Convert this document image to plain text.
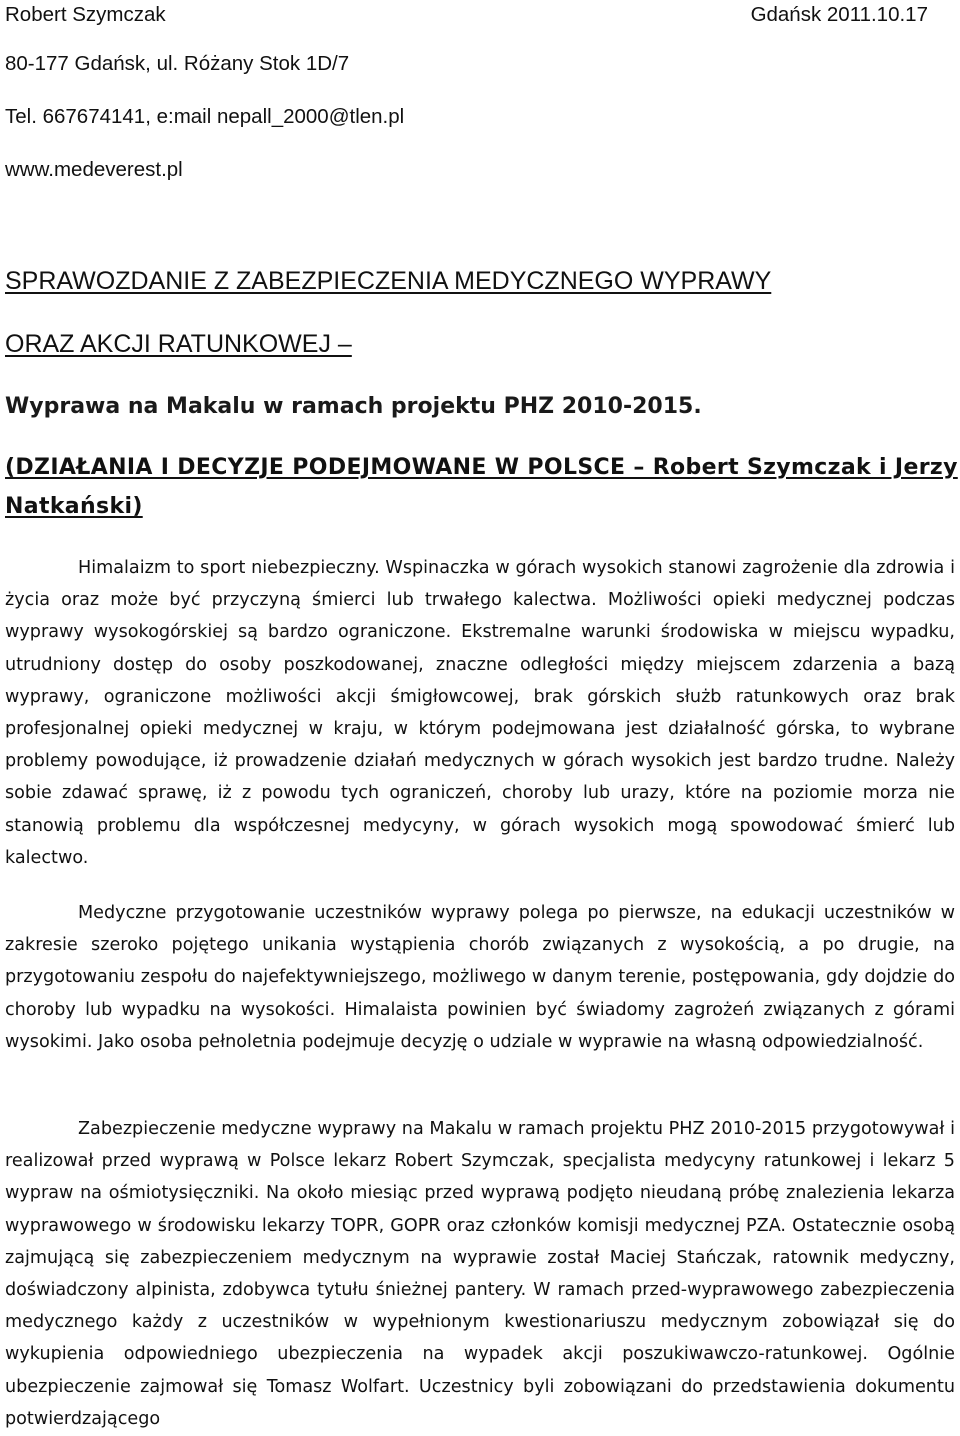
Robert Szymczak	Gdańsk 2011.10.17
80-177 Gdańsk, ul. Różany Stok 1D/7
Tel. 667674141, e:mail nepall_2000@tlen.pl
www.medeverest.pl
SPRAWOZDANIE Z ZABEZPIECZENIA MEDYCZNEGO WYPRAWY
ORAZ AKCJI RATUNKOWEJ –
Wyprawa na Makalu w ramach projektu PHZ 2010-2015.
(DZIAŁANIA I DECYZJE PODEJMOWANE W POLSCE – Robert Szymczak i Jerzy
Natkański)

Himalaizm to sport niebezpieczny. Wspinaczka w górach wysokich stanowi zagrożenie dla zdrowia i życia oraz może być przyczyną śmierci lub trwałego kalectwa. Możliwości opieki medycznej podczas wyprawy wysokogórskiej są bardzo ograniczone. Ekstremalne warunki środowiska w miejscu wypadku, utrudniony dostęp do osoby poszkodowanej, znaczne odległości między miejscem zdarzenia a bazą wyprawy, ograniczone możliwości akcji śmigłowcowej, brak górskich służb ratunkowych oraz brak profesjonalnej opieki medycznej w kraju, w którym podejmowana jest działalność górska, to wybrane problemy powodujące, iż prowadzenie działań medycznych w górach wysokich jest bardzo trudne. Należy sobie zdawać sprawę, iż z powodu tych ograniczeń, choroby lub urazy, które na poziomie morza nie stanowią problemu dla współczesnej medycyny, w górach wysokich mogą spowodować śmierć lub kalectwo.

Medyczne przygotowanie uczestników wyprawy polega po pierwsze, na edukacji uczestników w zakresie szeroko pojętego unikania wystąpienia chorób związanych z wysokością, a po drugie, na przygotowaniu zespołu do najefektywniejszego, możliwego w danym terenie, postępowania, gdy dojdzie do choroby lub wypadku na wysokości. Himalaista powinien być świadomy zagrożeń związanych z górami wysokimi. Jako osoba pełnoletnia podejmuje decyzję o udziale w wyprawie na własną odpowiedzialność.

Zabezpieczenie medyczne wyprawy na Makalu w ramach projektu PHZ 2010-2015 przygotowywał i realizował przed wyprawą w Polsce lekarz Robert Szymczak, specjalista medycyny ratunkowej i lekarz 5 wypraw na ośmiotysięczniki. Na około miesiąc przed wyprawą podjęto nieudaną próbę znalezienia lekarza wyprawowego w środowisku lekarzy TOPR, GOPR oraz członków komisji medycznej PZA. Ostatecznie osobą zajmującą się zabezpieczeniem medycznym na wyprawie został Maciej Stańczak, ratownik medyczny, doświadczony alpinista, zdobywca tytułu śnieżnej pantery. W ramach przed-wyprawowego zabezpieczenia medycznego każdy z uczestników w wypełnionym kwestionariuszu medycznym zobowiązał się do wykupienia odpowiedniego ubezpieczenia na wypadek akcji poszukiwawczo-ratunkowej. Ogólnie ubezpieczenie zajmował się Tomasz Wolfart. Uczestnicy byli zobowiązani do przedstawienia dokumentu potwierdzającego
